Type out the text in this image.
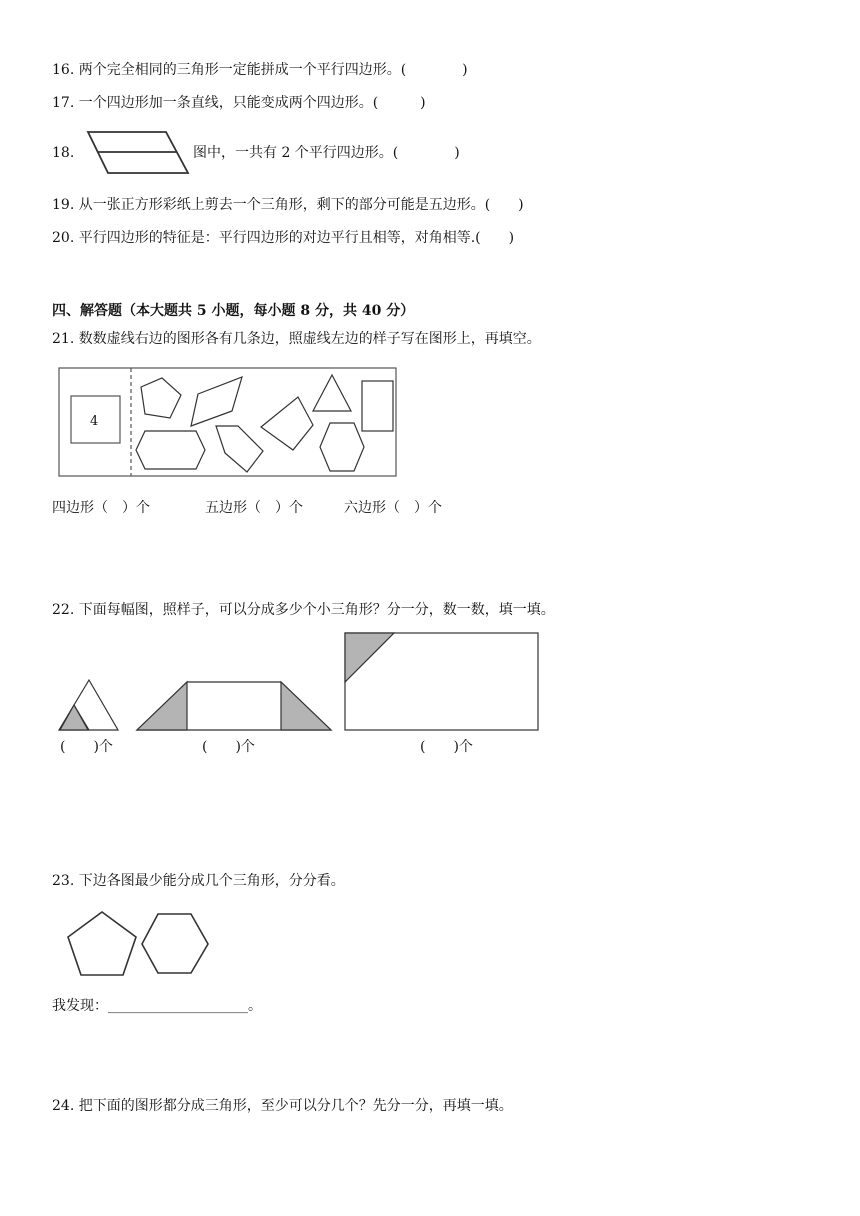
16. 两个完全相同的三角形一定能拼成一个平行四边形。(　　　　)
17. 一个四边形加一条直线，只能变成两个四边形。(　　　)
18.	图中，一共有 2 个平行四边形。(　　　　)
19. 从一张正方形彩纸上剪去一个三角形，剩下的部分可能是五边形。(　　)
20. 平行四边形的特征是：平行四边形的对边平行且相等，对角相等.(　　)
四、解答题（本大题共 5 小题，每小题 8 分，共 40 分）
21. 数数虚线右边的图形各有几条边，照虚线左边的样子写在图形上，再填空。
4
四边形（　）个	五边形（　）个	六边形（　）个
22. 下面每幅图，照样子，可以分成多少个小三角形？分一分，数一数，填一填。
(　　)个	(　　)个	(　　)个
23. 下边各图最少能分成几个三角形，分分看。
我发现：____________________。
24. 把下面的图形都分成三角形，至少可以分几个？先分一分，再填一填。
